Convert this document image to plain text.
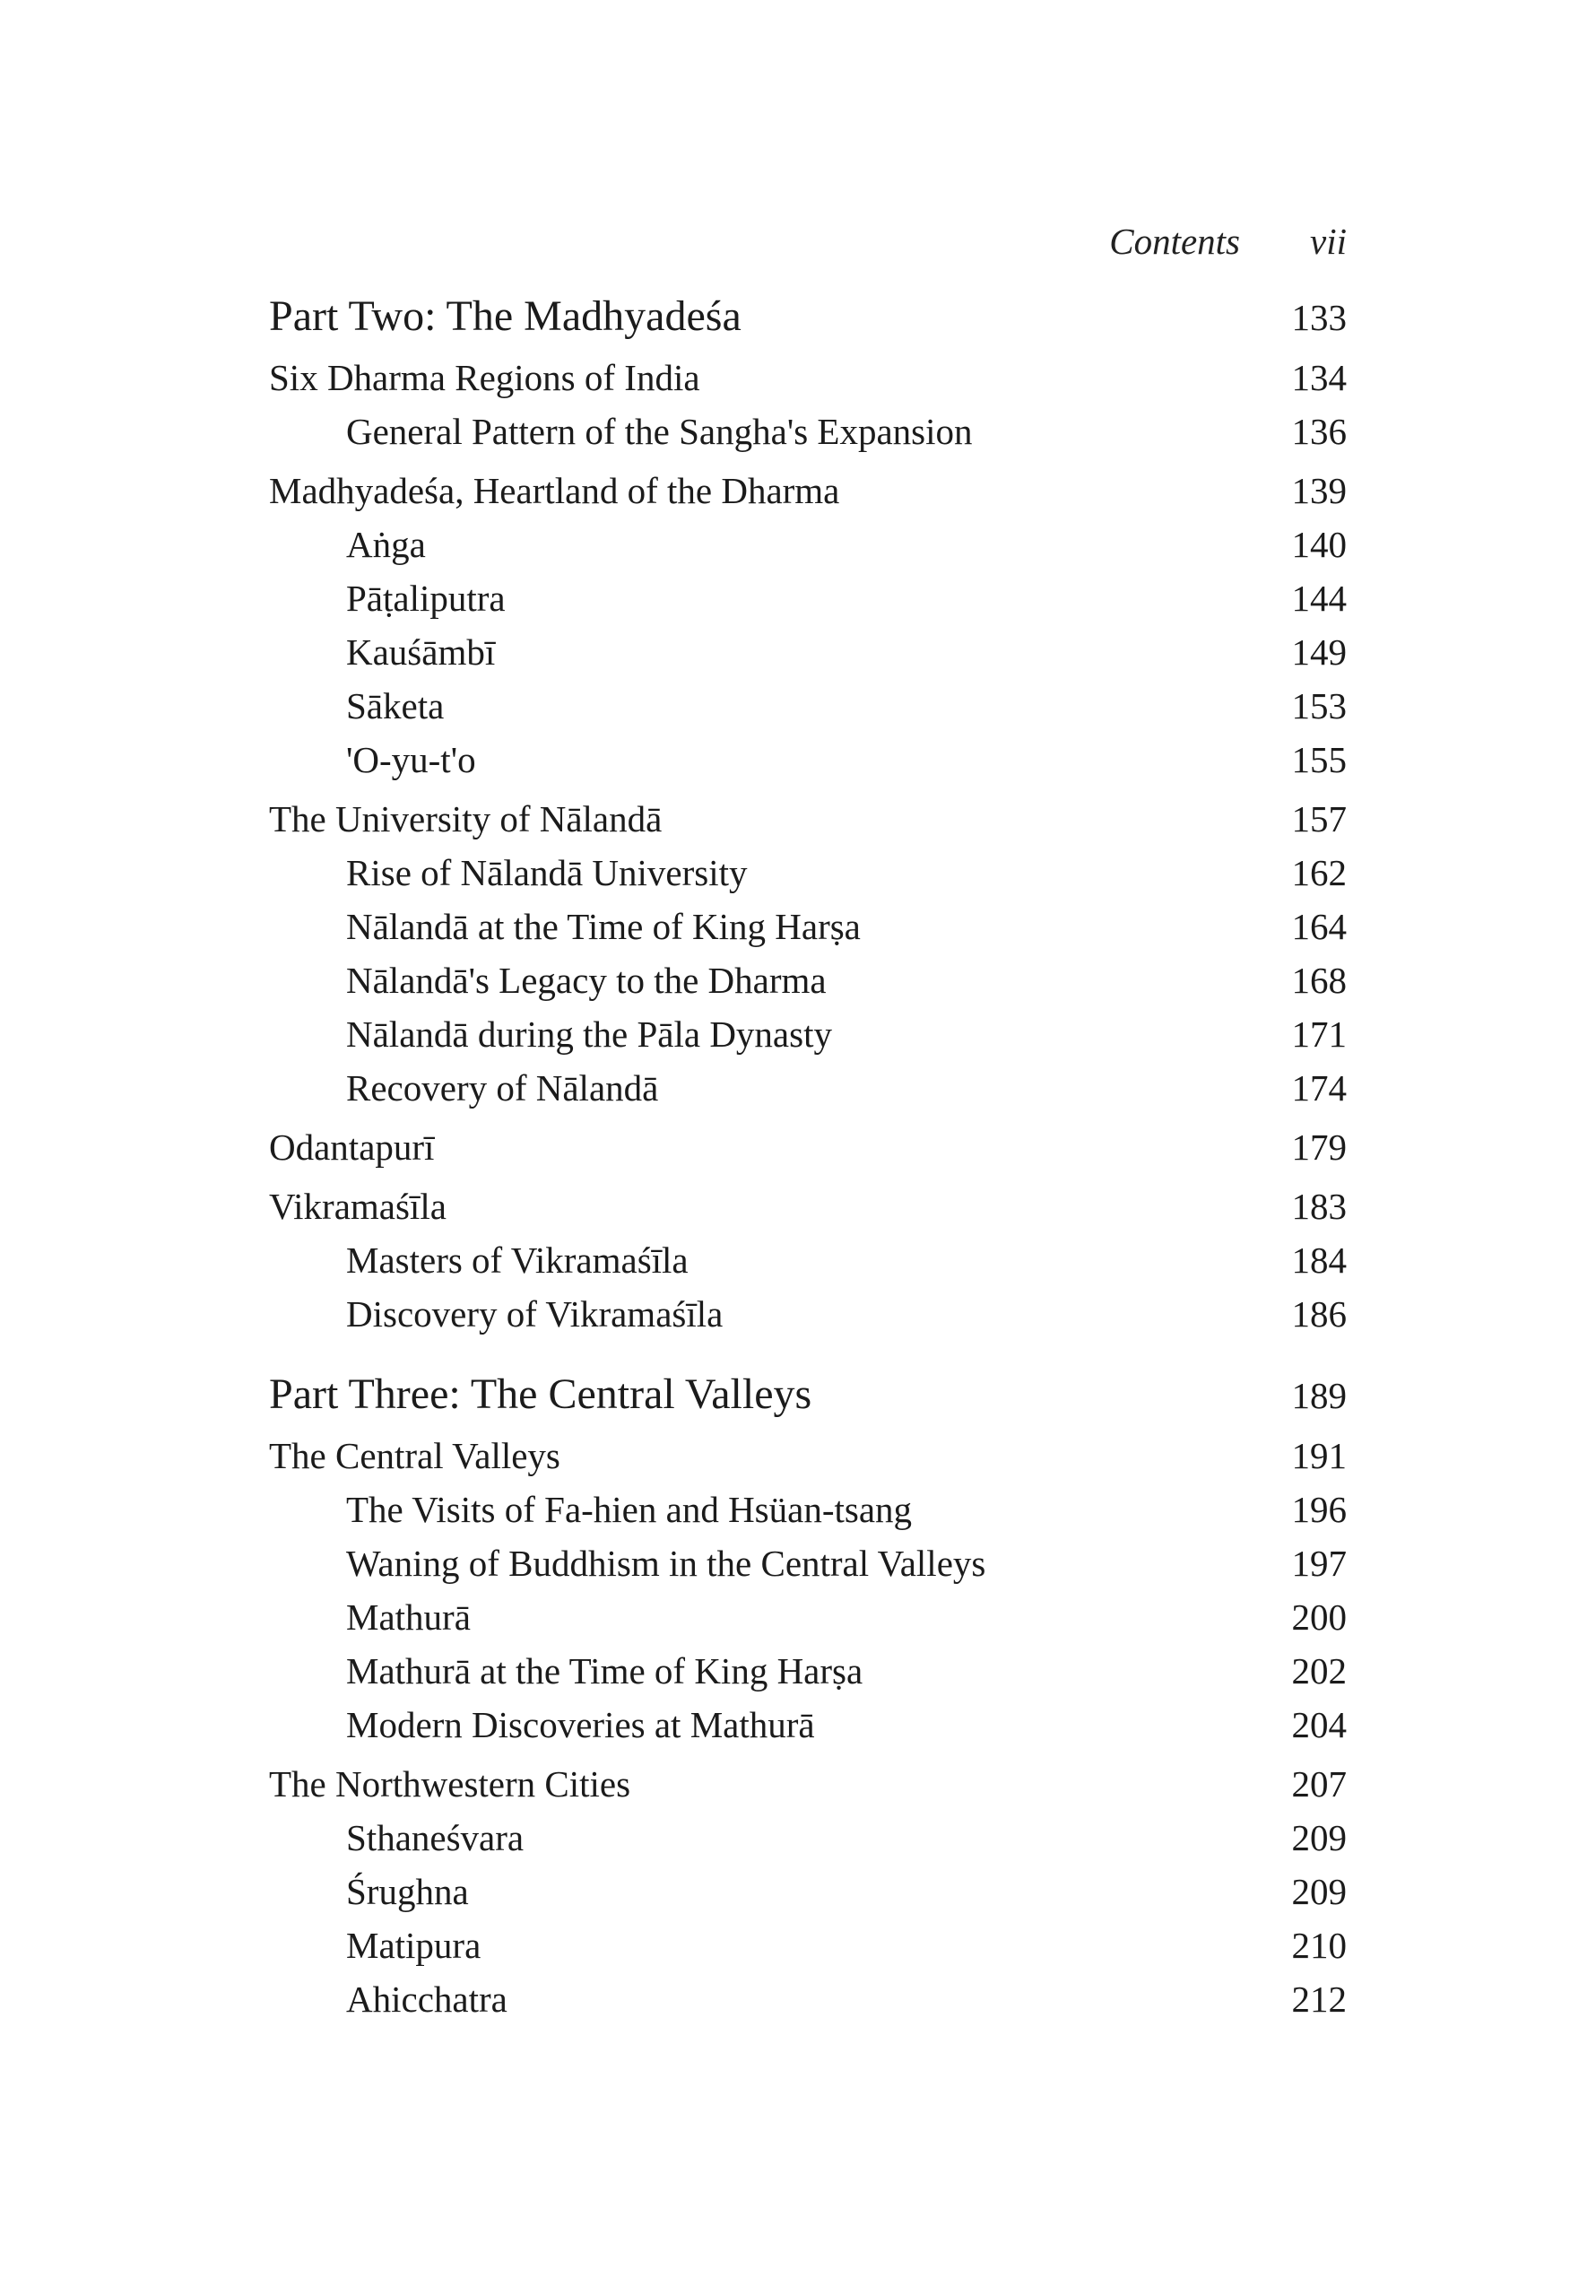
Contents vii
Part Two: The Madhyadeśa	133
Six Dharma Regions of India	134
General Pattern of the Sangha's Expansion	136
Madhyadeśa, Heartland of the Dharma	139
Aṅga	140
Pāṭaliputra	144
Kauśāmbī	149
Sāketa	153
'O-yu-t'o	155
The University of Nālandā	157
Rise of Nālandā University	162
Nālandā at the Time of King Harṣa	164
Nālandā's Legacy to the Dharma	168
Nālandā during the Pāla Dynasty	171
Recovery of Nālandā	174
Odantapurī	179
Vikramaśīla	183
Masters of Vikramaśīla	184
Discovery of Vikramaśīla	186
Part Three: The Central Valleys	189
The Central Valleys	191
The Visits of Fa-hien and Hsüan-tsang	196
Waning of Buddhism in the Central Valleys	197
Mathurā	200
Mathurā at the Time of King Harṣa	202
Modern Discoveries at Mathurā	204
The Northwestern Cities	207
Sthaneśvara	209
Śrughna	209
Matipura	210
Ahicchatra	212
